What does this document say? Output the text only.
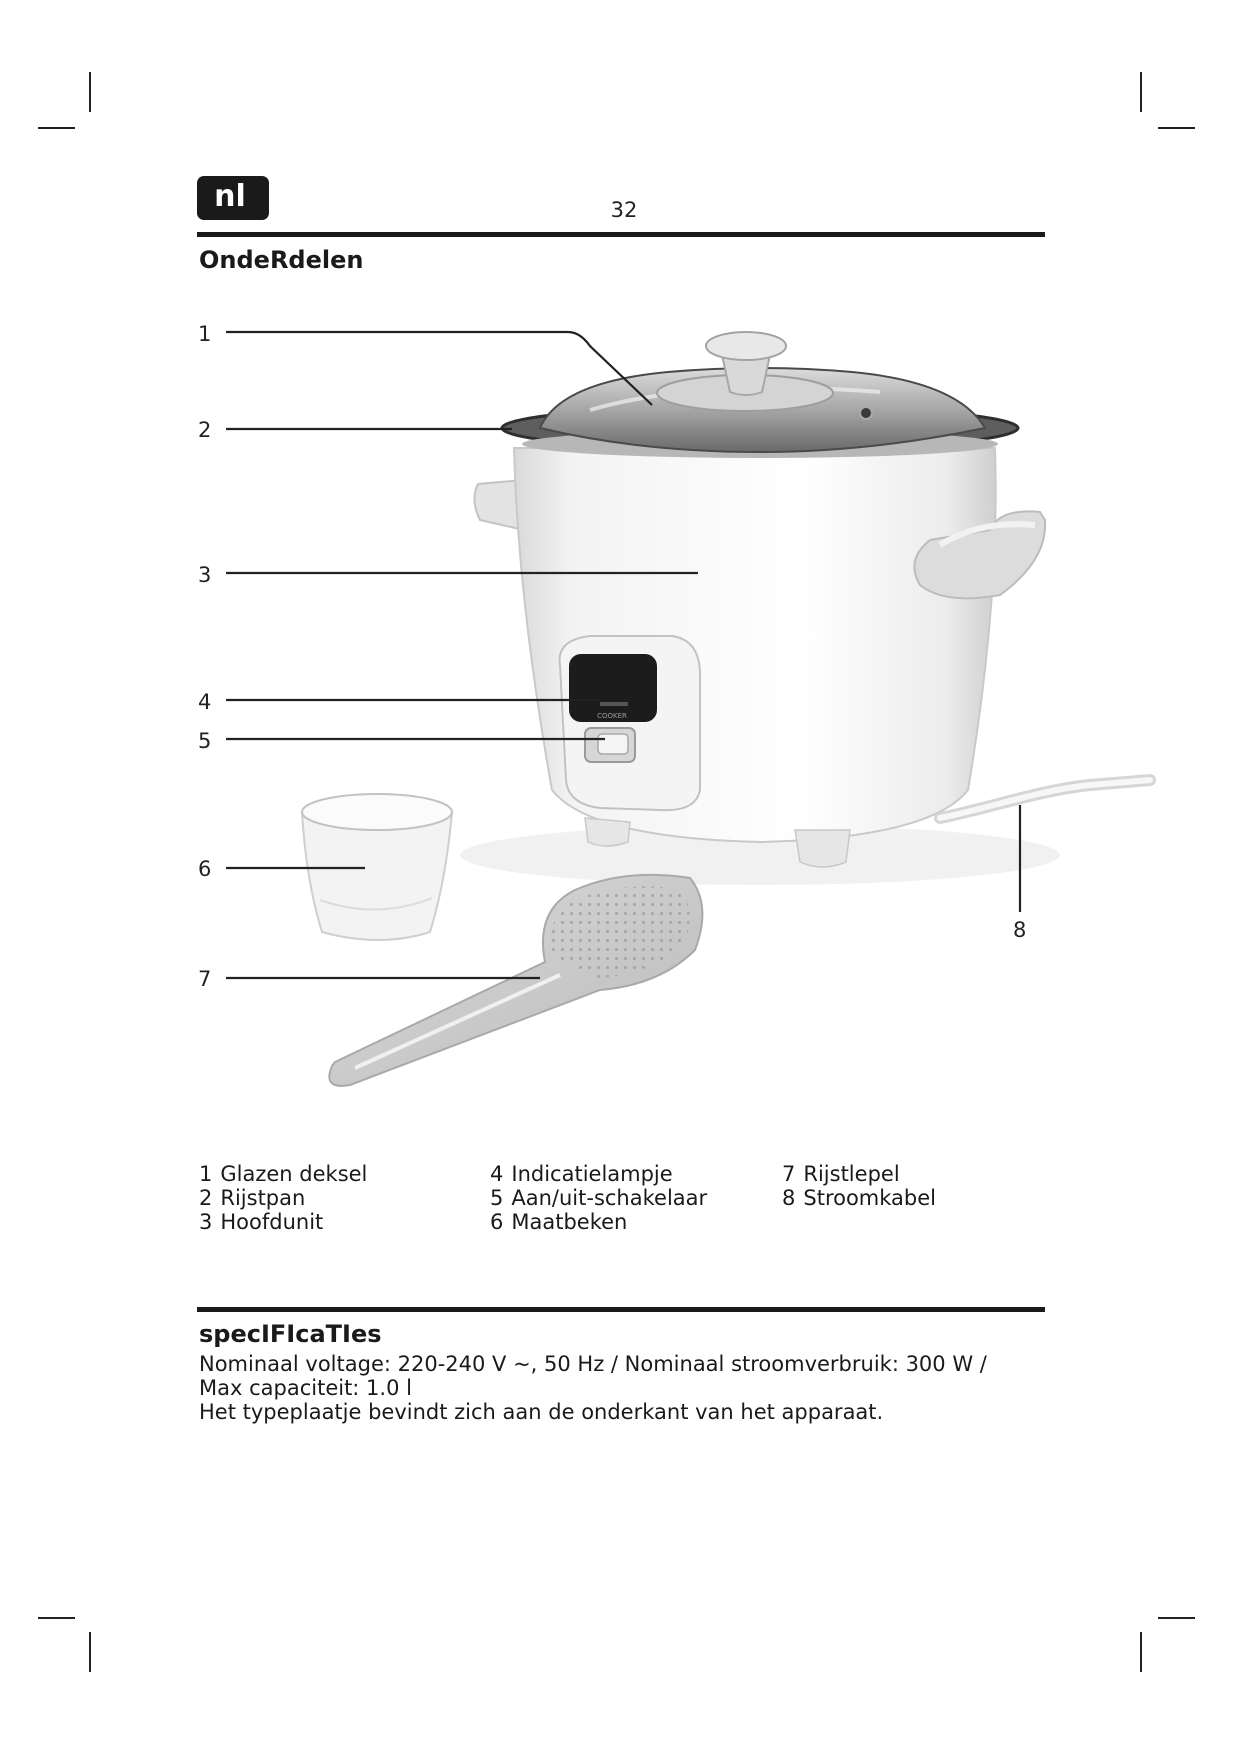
nl	32
OndeRdelen
COOKER
1
2
3
4
5
6
7
8
1 Glazen deksel
2 Rijstpan
3 Hoofdunit
4 Indicatielampje
5 Aan/uit-schakelaar
6 Maatbeken
7 Rijstlepel
8 Stroomkabel
specIFIcaTIes
Nominaal voltage: 220-240 V ~, 50 Hz / Nominaal stroomverbruik: 300 W /
Max capaciteit: 1.0 l
Het typeplaatje bevindt zich aan de onderkant van het apparaat.
